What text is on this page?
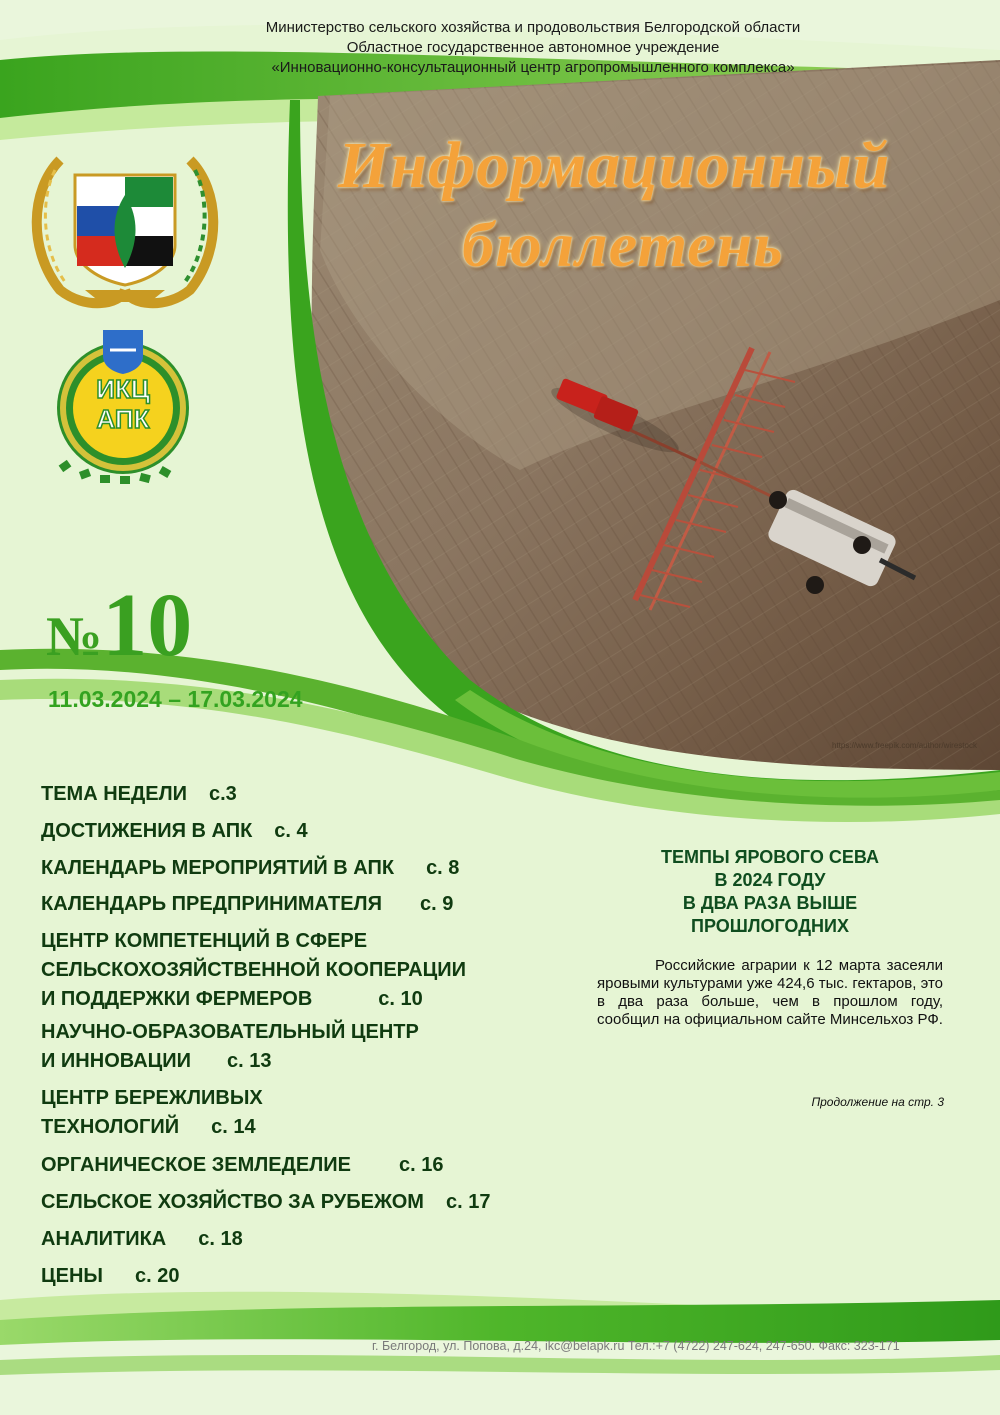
ИКЦ
АПК
Министерство сельского хозяйства и продовольствия Белгородской области
Областное государственное автономное учреждение
«Инновационно-консультационный центр агропромышленного комплекса»
Информационный
бюллетень
№10
11.03.2024 – 17.03.2024
https://www.freepik.com/author/wirestock
ТЕМА НЕДЕЛИ с.3
ДОСТИЖЕНИЯ В АПК с. 4
КАЛЕНДАРЬ МЕРОПРИЯТИЙ В АПК с. 8
КАЛЕНДАРЬ ПРЕДПРИНИМАТЕЛЯ с. 9
ЦЕНТР КОМПЕТЕНЦИЙ В СФЕРЕ
СЕЛЬСКОХОЗЯЙСТВЕННОЙ КООПЕРАЦИИ
И ПОДДЕРЖКИ ФЕРМЕРОВ	с. 10
НАУЧНО-ОБРАЗОВАТЕЛЬНЫЙ ЦЕНТР
И ИННОВАЦИИ с. 13
ЦЕНТР БЕРЕЖЛИВЫХ
ТЕХНОЛОГИЙ с. 14
ОРГАНИЧЕСКОЕ ЗЕМЛЕДЕЛИЕ с. 16
СЕЛЬСКОЕ ХОЗЯЙСТВО ЗА РУБЕЖОМ с. 17
АНАЛИТИКА с. 18
ЦЕНЫ с. 20
ТЕМПЫ ЯРОВОГО СЕВА
В 2024 ГОДУ
В ДВА РАЗА ВЫШЕ
ПРОШЛОГОДНИХ
Российские аграрии к 12 марта засеяли яровыми культурами уже 424,6 тыс. гектаров, это в два раза больше, чем в прошлом году, сообщил на официальном сайте Минсельхоз РФ.
Продолжение на стр. 3
г. Белгород, ул. Попова, д.24, ikc@belapk.ru Тел.:+7 (4722) 247-624, 247-650. Факс: 323-171
